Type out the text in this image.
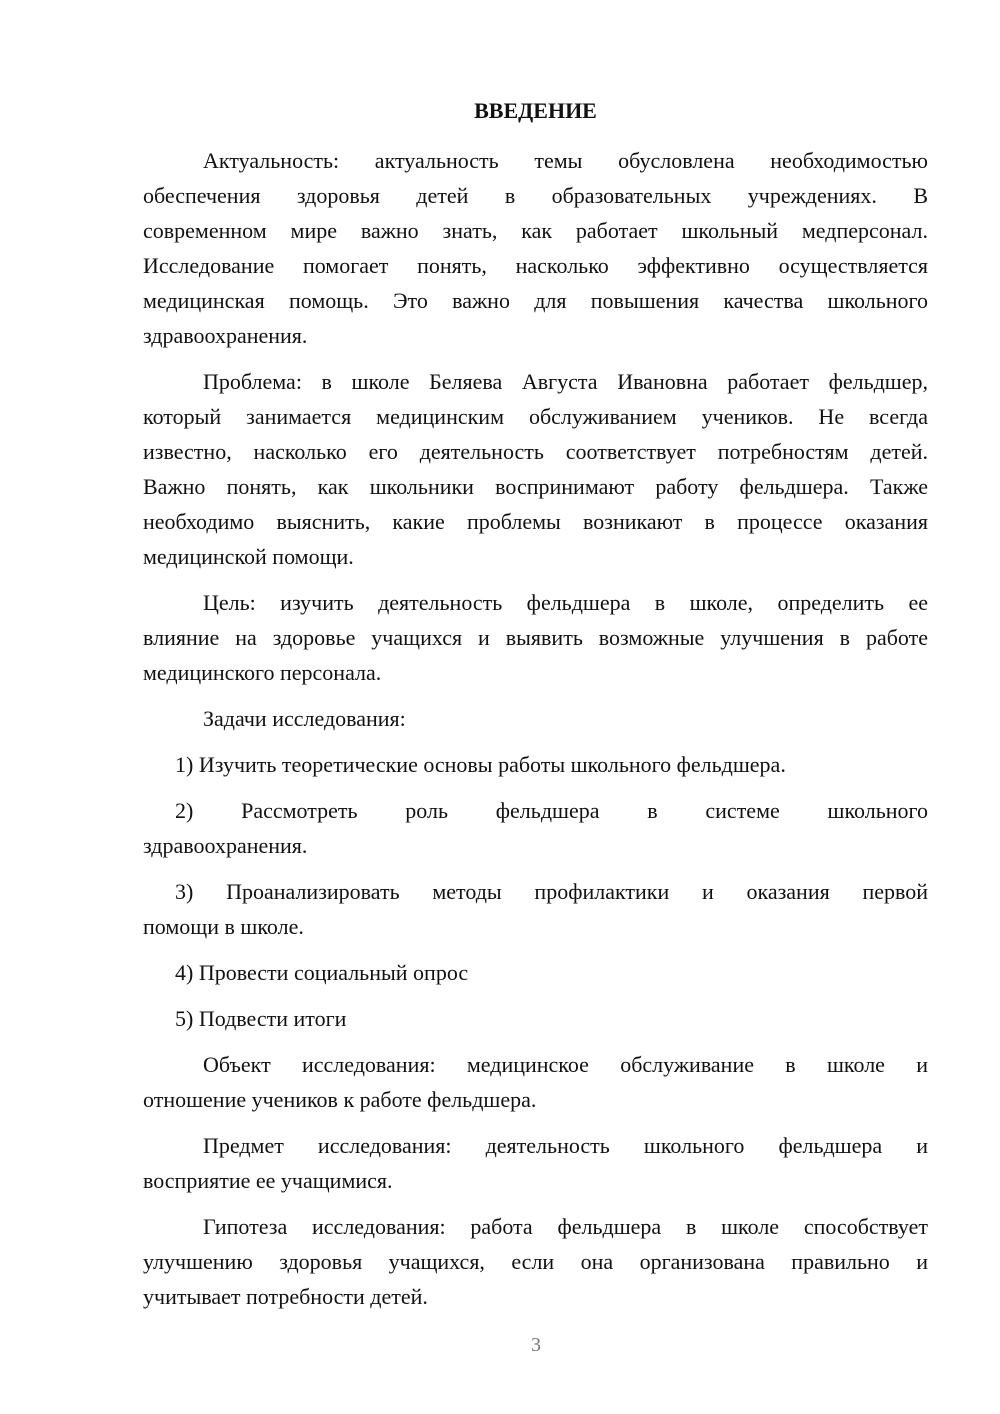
ВВЕДЕНИЕ
Актуальность: актуальность темы обусловлена необходимостью
обеспечения здоровья детей в образовательных учреждениях. В
современном мире важно знать, как работает школьный медперсонал.
Исследование помогает понять, насколько эффективно осуществляется
медицинская помощь. Это важно для повышения качества школьного
здравоохранения.
Проблема: в школе Беляева Августа Ивановна работает фельдшер,
который занимается медицинским обслуживанием учеников. Не всегда
известно, насколько его деятельность соответствует потребностям детей.
Важно понять, как школьники воспринимают работу фельдшера. Также
необходимо выяснить, какие проблемы возникают в процессе оказания
медицинской помощи.
Цель: изучить деятельность фельдшера в школе, определить ее
влияние на здоровье учащихся и выявить возможные улучшения в работе
медицинского персонала.
Задачи исследования:
1) Изучить теоретические основы работы школьного фельдшера.
2) Рассмотреть роль фельдшера в системе школьного
здравоохранения.
3) Проанализировать методы профилактики и оказания первой
помощи в школе.
4) Провести социальный опрос
5) Подвести итоги
Объект исследования: медицинское обслуживание в школе и
отношение учеников к работе фельдшера.
Предмет исследования: деятельность школьного фельдшера и
восприятие ее учащимися.
Гипотеза исследования: работа фельдшера в школе способствует
улучшению здоровья учащихся, если она организована правильно и
учитывает потребности детей.
3
